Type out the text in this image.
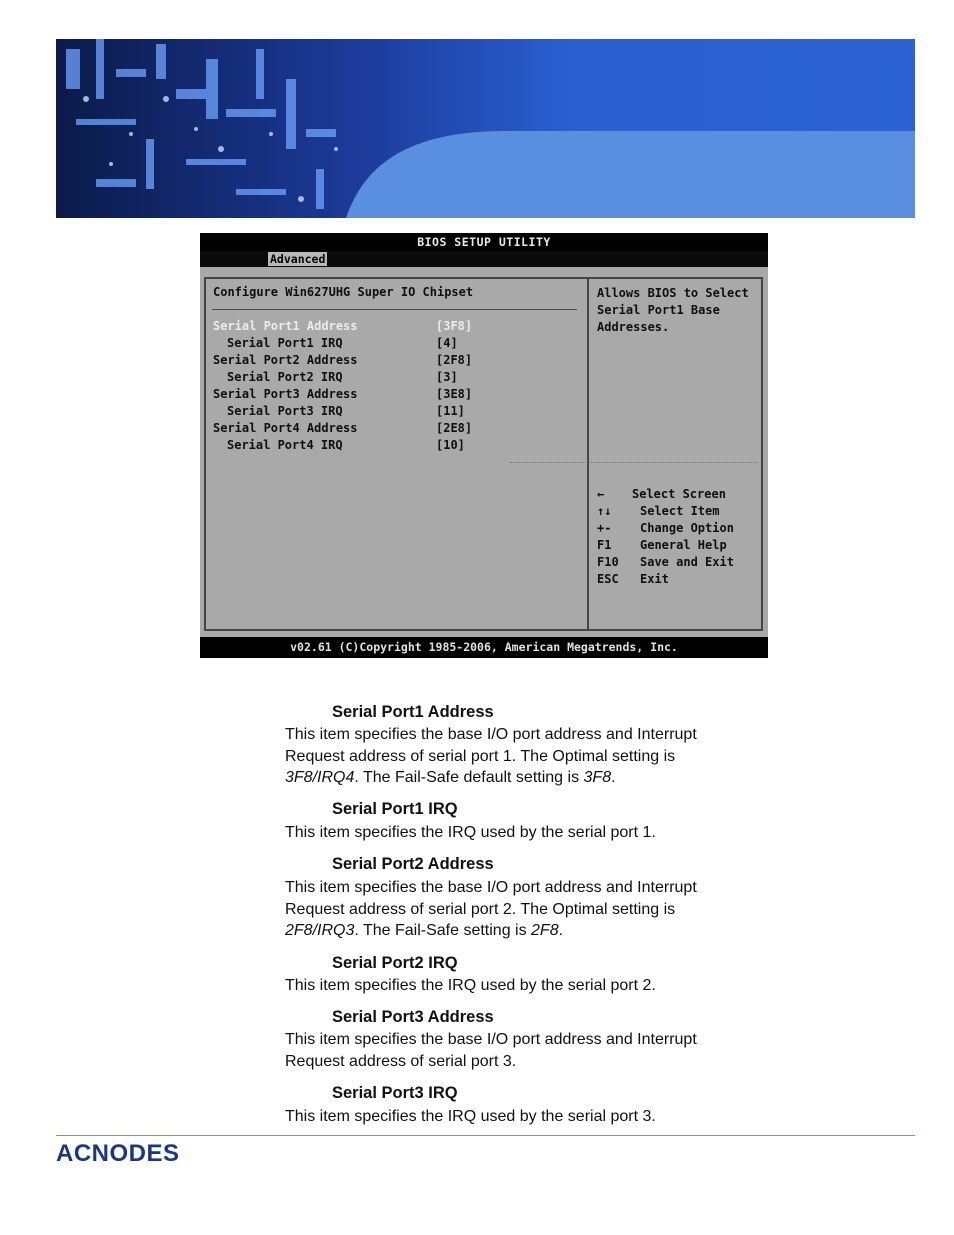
BIOS SETUP UTILITY
Advanced
Configure Win627UHG Super IO Chipset
Serial Port1 Address	[3F8]
Serial Port1 IRQ	[4]
Serial Port2 Address	[2F8]
Serial Port2 IRQ	[3]
Serial Port3 Address	[3E8]
Serial Port3 IRQ	[11]
Serial Port4 Address	[2E8]
Serial Port4 IRQ	[10]
Allows BIOS to Select
Serial Port1 Base
Addresses.
← Select Screen
↑↓ Select Item
+- Change Option
F1 General Help
F10 Save and Exit
ESC Exit
v02.61 (C)Copyright 1985-2006, American Megatrends, Inc.
Serial Port1 Address
This item specifies the base I/O port address and Interrupt
Request address of serial port 1. The Optimal setting is
3F8/IRQ4. The Fail-Safe default setting is 3F8.
Serial Port1 IRQ
This item specifies the IRQ used by the serial port 1.
Serial Port2 Address
This item specifies the base I/O port address and Interrupt
Request address of serial port 2. The Optimal setting is
2F8/IRQ3. The Fail-Safe setting is 2F8.
Serial Port2 IRQ
This item specifies the IRQ used by the serial port 2.
Serial Port3 Address
This item specifies the base I/O port address and Interrupt
Request address of serial port 3.
Serial Port3 IRQ
This item specifies the IRQ used by the serial port 3.
ACNODES
